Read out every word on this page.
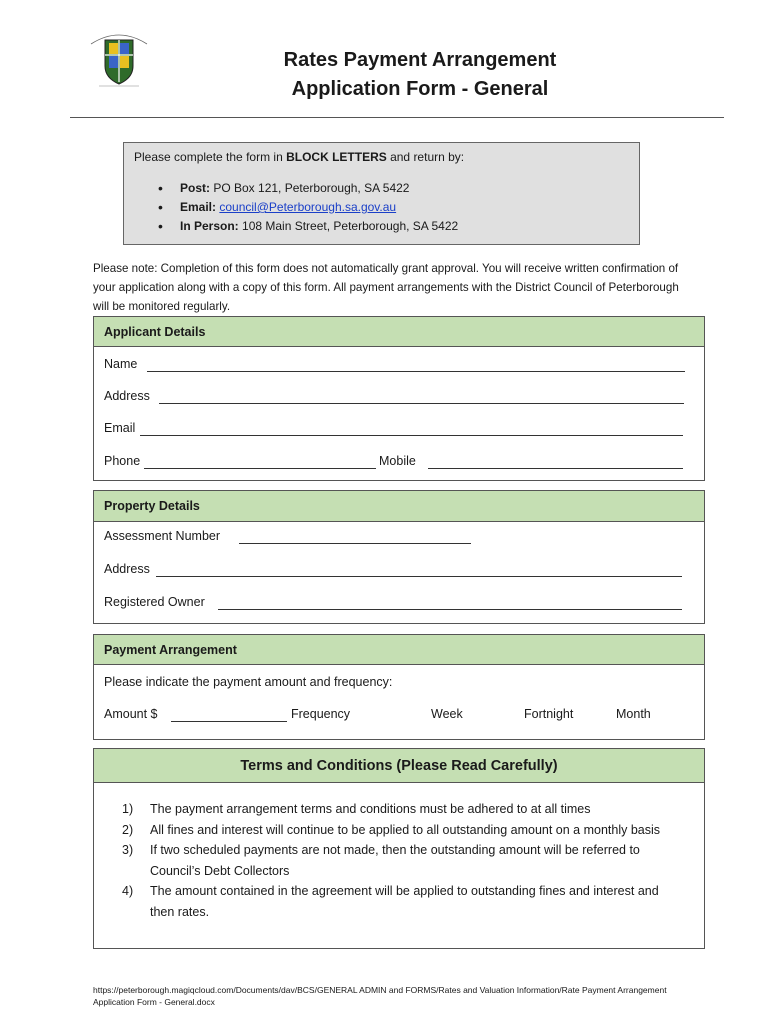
Rates Payment Arrangement
Application Form - General
Please complete the form in BLOCK LETTERS and return by:
• Post: PO Box 121, Peterborough, SA 5422
• Email: council@Peterborough.sa.gov.au
• In Person: 108 Main Street, Peterborough, SA 5422
Please note: Completion of this form does not automatically grant approval. You will receive written confirmation of your application along with a copy of this form. All payment arrangements with the District Council of Peterborough will be monitored regularly.
Applicant Details
Name
Address
Email
Phone	Mobile
Property Details
Assessment Number
Address
Registered Owner
Payment Arrangement
Please indicate the payment amount and frequency:
Amount $	Frequency	Week	Fortnight	Month
Terms and Conditions (Please Read Carefully)
1) The payment arrangement terms and conditions must be adhered to at all times
2) All fines and interest will continue to be applied to all outstanding amount on a monthly basis
3) If two scheduled payments are not made, then the outstanding amount will be referred to Council’s Debt Collectors
4) The amount contained in the agreement will be applied to outstanding fines and interest and then rates.
https://peterborough.magiqcloud.com/Documents/dav/BCS/GENERAL ADMIN and FORMS/Rates and Valuation Information/Rate Payment Arrangement Application Form - General.docx
